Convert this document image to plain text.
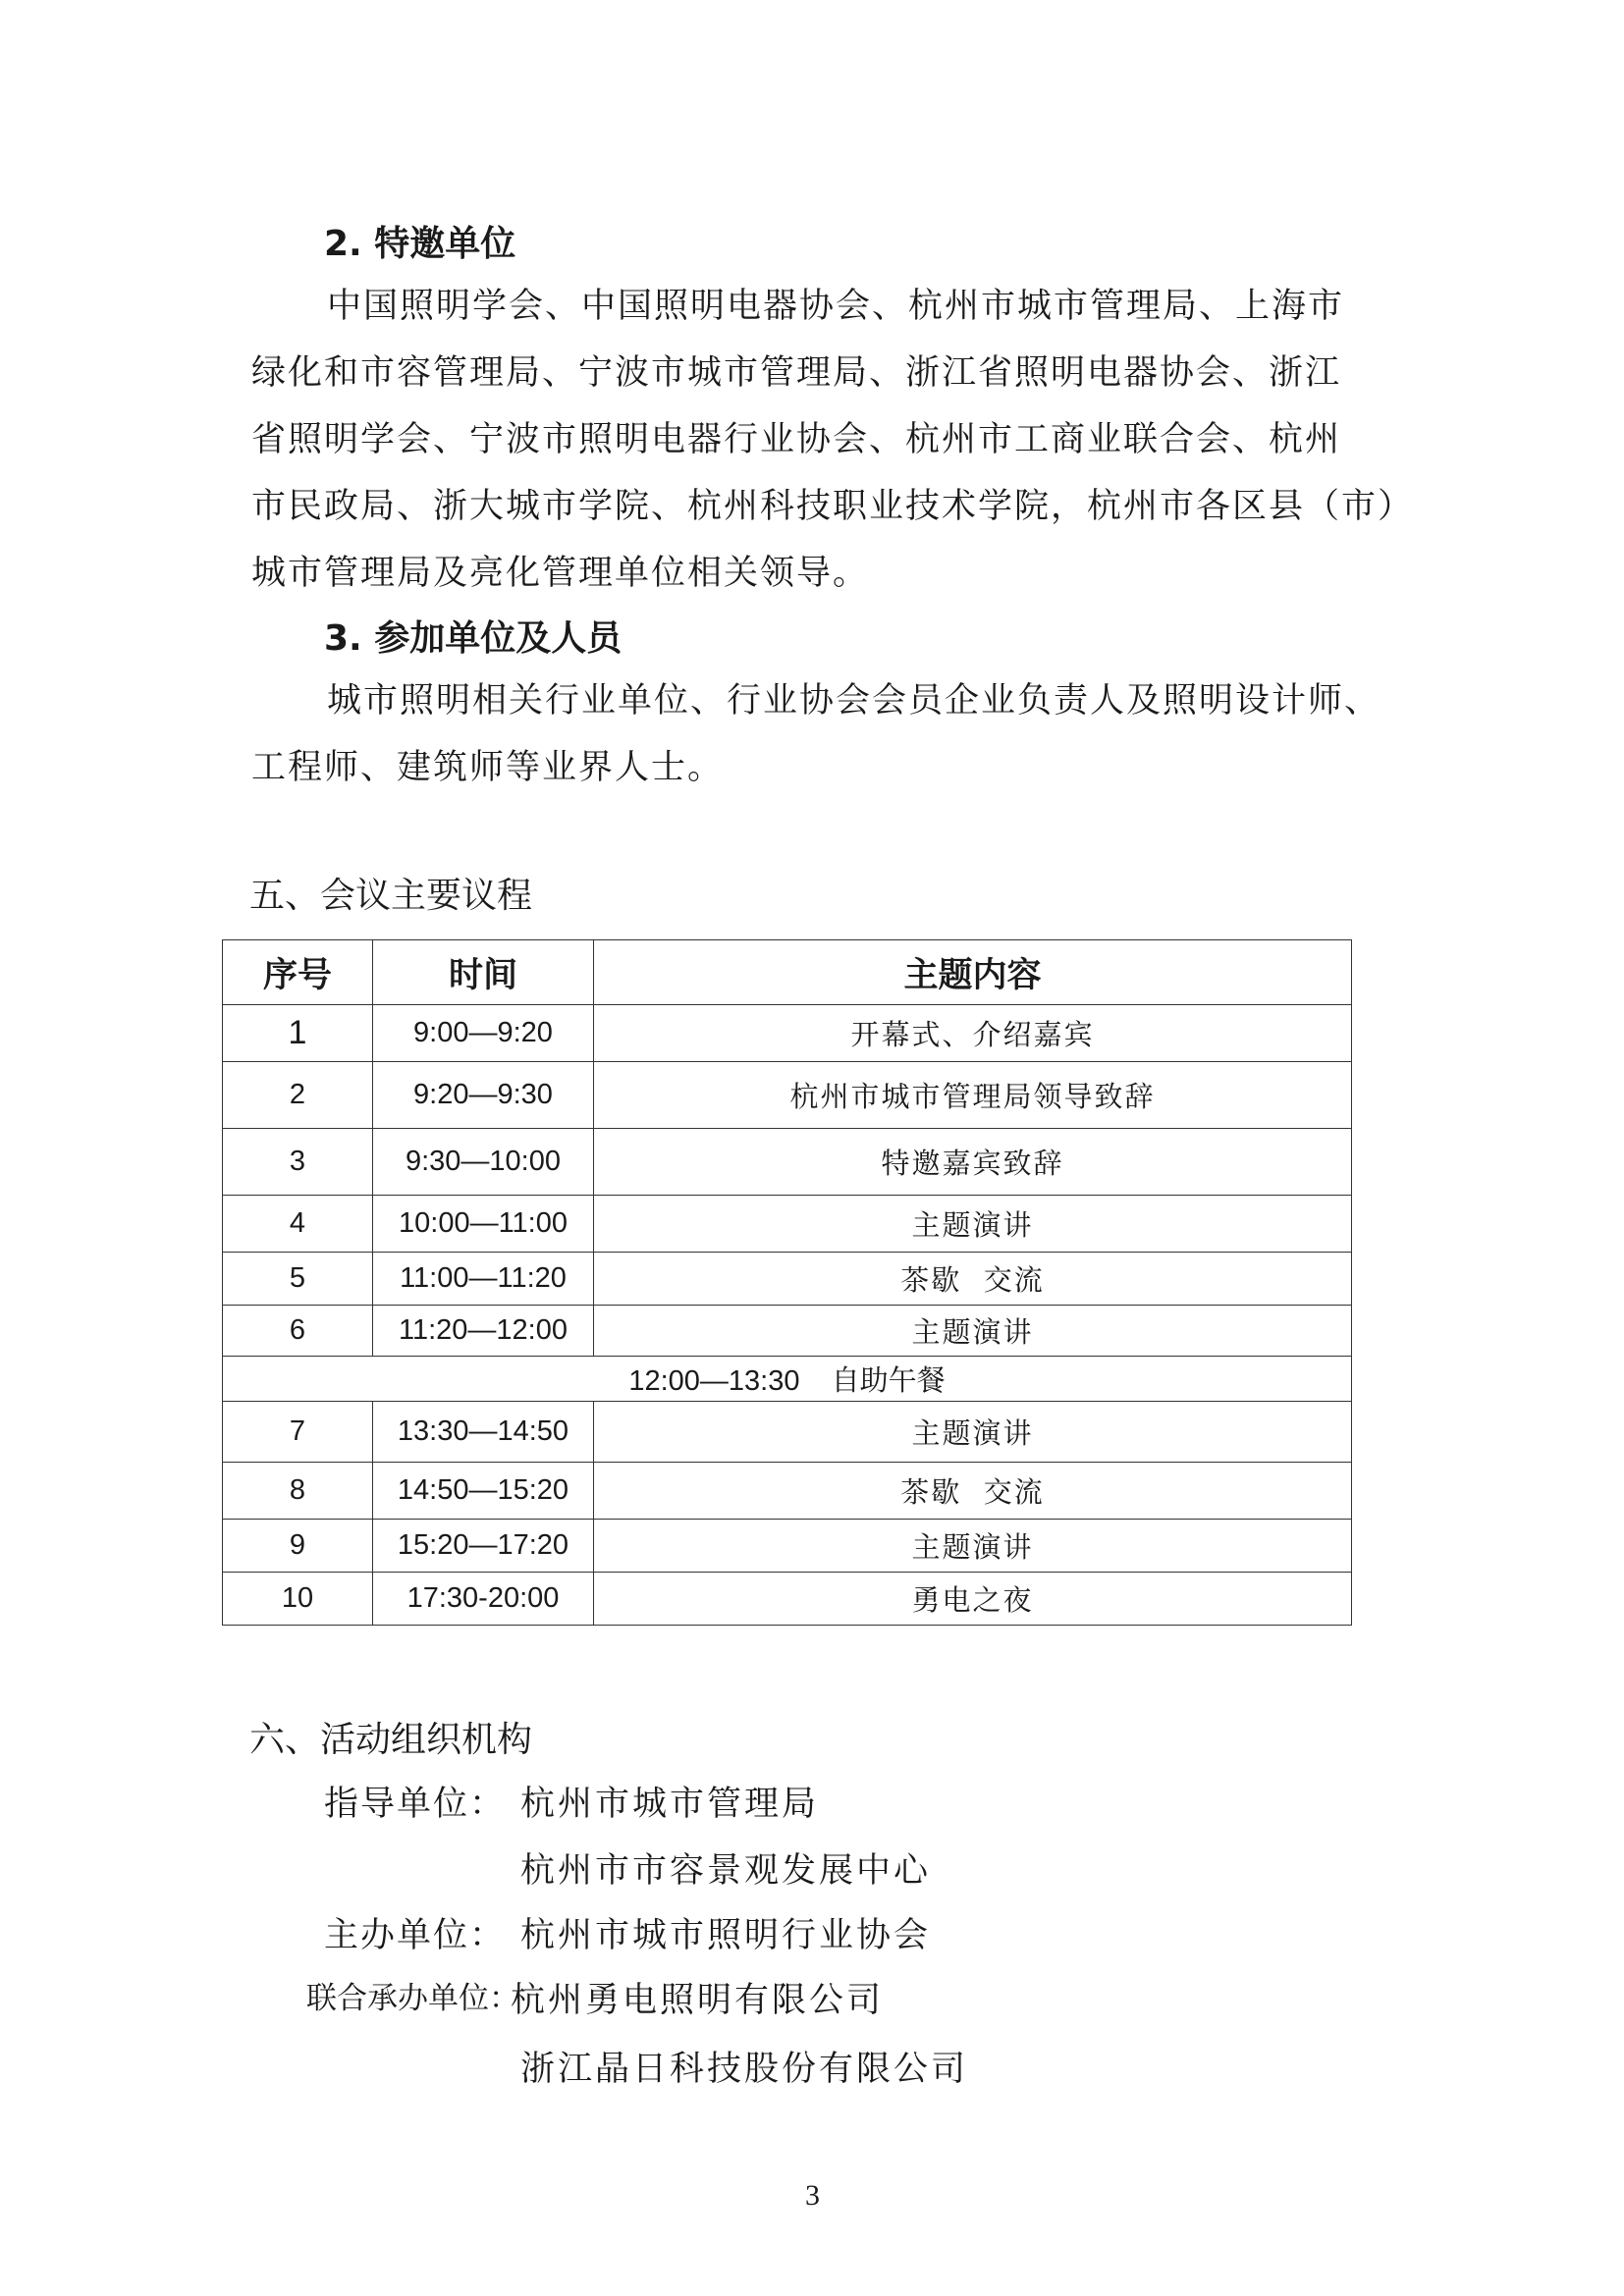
2. 特邀单位
中国照明学会、中国照明电器协会、杭州市城市管理局、上海市
绿化和市容管理局、宁波市城市管理局、浙江省照明电器协会、浙江
省照明学会、宁波市照明电器行业协会、杭州市工商业联合会、杭州
市民政局、浙大城市学院、杭州科技职业技术学院，杭州市各区县（市）
城市管理局及亮化管理单位相关领导。
3. 参加单位及人员
城市照明相关行业单位、行业协会会员企业负责人及照明设计师、
工程师、建筑师等业界人士。
五、会议主要议程
序号	时间	主题内容
1	9:00—9:20	开幕式、介绍嘉宾
2	9:20—9:30	杭州市城市管理局领导致辞
3	9:30—10:00	特邀嘉宾致辞
4	10:00—11:00	主题演讲
5	11:00—11:20	茶歇  交流
6	11:20—12:00	主题演讲
12:00—13:30    自助午餐		
7	13:30—14:50	主题演讲
8	14:50—15:20	茶歇  交流
9	15:20—17:20	主题演讲
10	17:30-20:00	勇电之夜
六、活动组织机构
指导单位： 杭州市城市管理局
杭州市市容景观发展中心
主办单位： 杭州市城市照明行业协会
联合承办单位：
杭州勇电照明有限公司
浙江晶日科技股份有限公司
3
